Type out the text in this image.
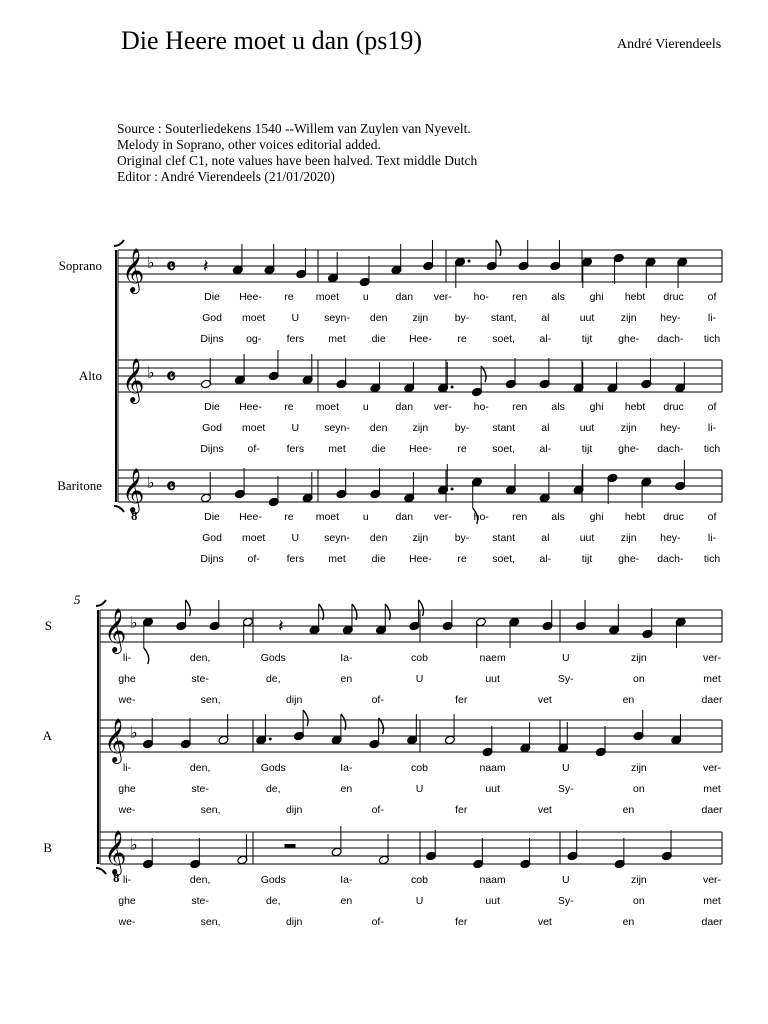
Die Heere moet u dan (ps19)	André Vierendeels
Source : Souterliedekens 1540 --Willem van Zuylen van Nyevelt.
Melody in Soprano, other voices editorial added.
Original clef C1, note values have been halved. Text middle Dutch
Editor : André Vierendeels (21/01/2020)
Soprano 𝄞 ♭ 𝄴 𝄽
Die Hee- re moet u	dan ver- ho- ren als ghi hebt druc of
God moet U seyn- den zijn	by- stant, al	uut	zijn hey-	li-
Dijns og- fers met die Hee- re soet, al-	tijt ghe- dach- tich
Alto 𝄞 ♭ 𝄴
Die Hee- re moet u	dan ver- ho- ren als ghi hebt druc of
God moet U seyn- den zijn	by- stant al	uut	zijn hey-	li-
Dijns of-	fers met die Hee- re soet, al-	tijt ghe- dach- tich
Baritone 𝄞
8
♭ 𝄴
Die Hee- re moet u	dan ver- ho- ren als ghi hebt druc of
God moet U seyn- den zijn	by- stant al	uut	zijn hey-	li-
Dijns of-	fers met die Hee- re soet, al-	tijt ghe- dach- tich
5
S 𝄞 ♭	𝄽
li-	den,	Gods	Ia-	cob	naem	U	zijn	ver-
ghe	ste-	de,	en	U	uut	Sy-	on	met
we-	sen,	dijn	of-	fer	vet	en	daer
A 𝄞 ♭
li-	den,	Gods	Ia-	cob	naam	U	zijn	ver-
ghe	ste-	de,	en	U	uut	Sy-	on	met
we-	sen,	dijn	of-	fer	vet	en	daer
B 𝄞
8
♭
li-	den,	Gods	Ia-	cob	naam	U	zijn	ver-
ghe	ste-	de,	en	U	uut	Sy-	on	met
we-	sen,	dijn	of-	fer	vet	en	daer
